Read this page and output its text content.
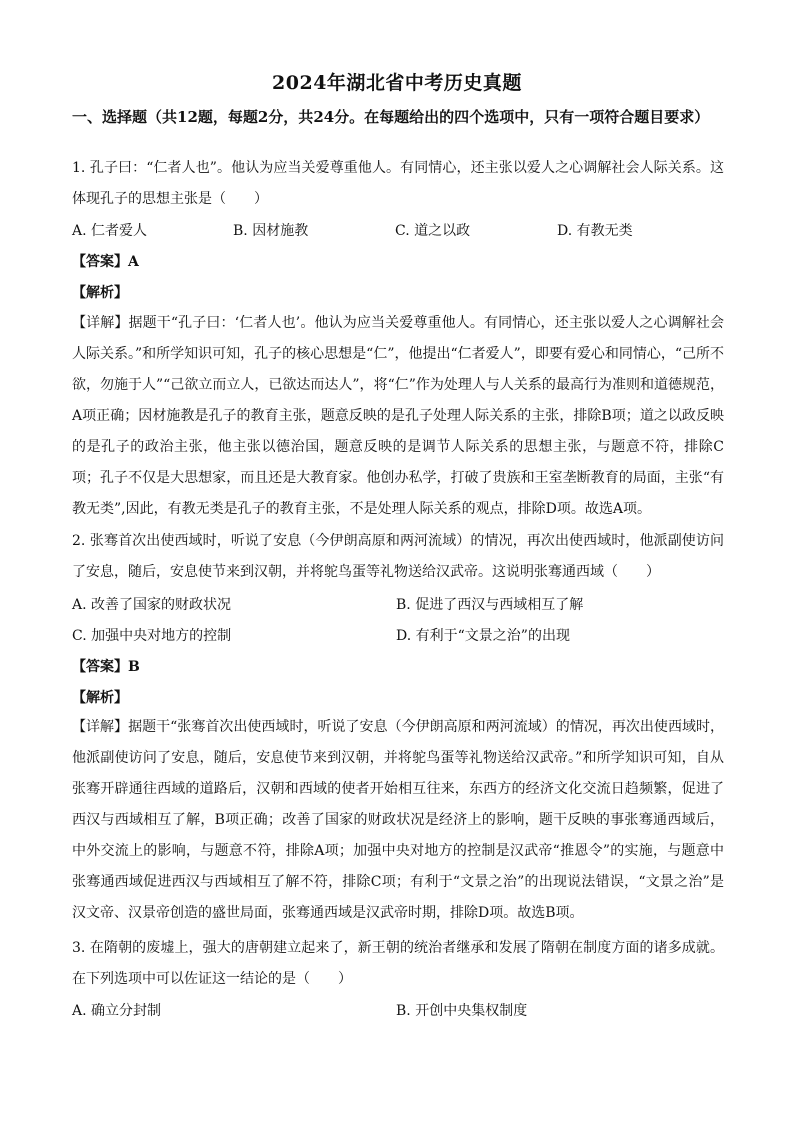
2024年湖北省中考历史真题
一、选择题（共12题，每题2分，共24分。在每题给出的四个选项中，只有一项符合题目要求）
1. 孔子曰：“仁者人也”。他认为应当关爱尊重他人。有同情心，还主张以爱人之心调解社会人际关系。这体现孔子的思想主张是（　　）
A. 仁者爱人	B. 因材施教	C. 道之以政	D. 有教无类
【答案】A
【解析】
【详解】据题干“孔子曰：‘仁者人也’。他认为应当关爱尊重他人。有同情心，还主张以爱人之心调解社会人际关系。”和所学知识可知，孔子的核心思想是“仁”，他提出“仁者爱人”，即要有爱心和同情心，“己所不欲，勿施于人”“己欲立而立人，已欲达而达人”，将“仁”作为处理人与人关系的最高行为准则和道德规范，A项正确；因材施教是孔子的教育主张，题意反映的是孔子处理人际关系的主张，排除B项；道之以政反映的是孔子的政治主张，他主张以德治国，题意反映的是调节人际关系的思想主张，与题意不符，排除C项；孔子不仅是大思想家，而且还是大教育家。他创办私学，打破了贵族和王室垄断教育的局面，主张“有教无类”,因此，有教无类是孔子的教育主张，不是处理人际关系的观点，排除D项。故选A项。
2. 张骞首次出使西域时，听说了安息（今伊朗高原和两河流域）的情况，再次出使西域时，他派副使访问了安息，随后，安息使节来到汉朝，并将鸵鸟蛋等礼物送给汉武帝。这说明张骞通西域（　　）
A. 改善了国家的财政状况	B. 促进了西汉与西域相互了解
C. 加强中央对地方的控制	D. 有利于“文景之治”的出现
【答案】B
【解析】
【详解】据题干“张骞首次出使西域时，听说了安息（今伊朗高原和两河流域）的情况，再次出使西域时，他派副使访问了安息，随后，安息使节来到汉朝，并将鸵鸟蛋等礼物送给汉武帝。”和所学知识可知，自从张骞开辟通往西域的道路后，汉朝和西域的使者开始相互往来，东西方的经济文化交流日趋频繁，促进了西汉与西域相互了解，B项正确；改善了国家的财政状况是经济上的影响，题干反映的事张骞通西域后，中外交流上的影响，与题意不符，排除A项；加强中央对地方的控制是汉武帝“推恩令”的实施，与题意中张骞通西域促进西汉与西域相互了解不符，排除C项；有利于“文景之治”的出现说法错误，“文景之治”是汉文帝、汉景帝创造的盛世局面，张骞通西域是汉武帝时期，排除D项。故选B项。
3. 在隋朝的废墟上，强大的唐朝建立起来了，新王朝的统治者继承和发展了隋朝在制度方面的诸多成就。在下列选项中可以佐证这一结论的是（　　）
A. 确立分封制	B. 开创中央集权制度
